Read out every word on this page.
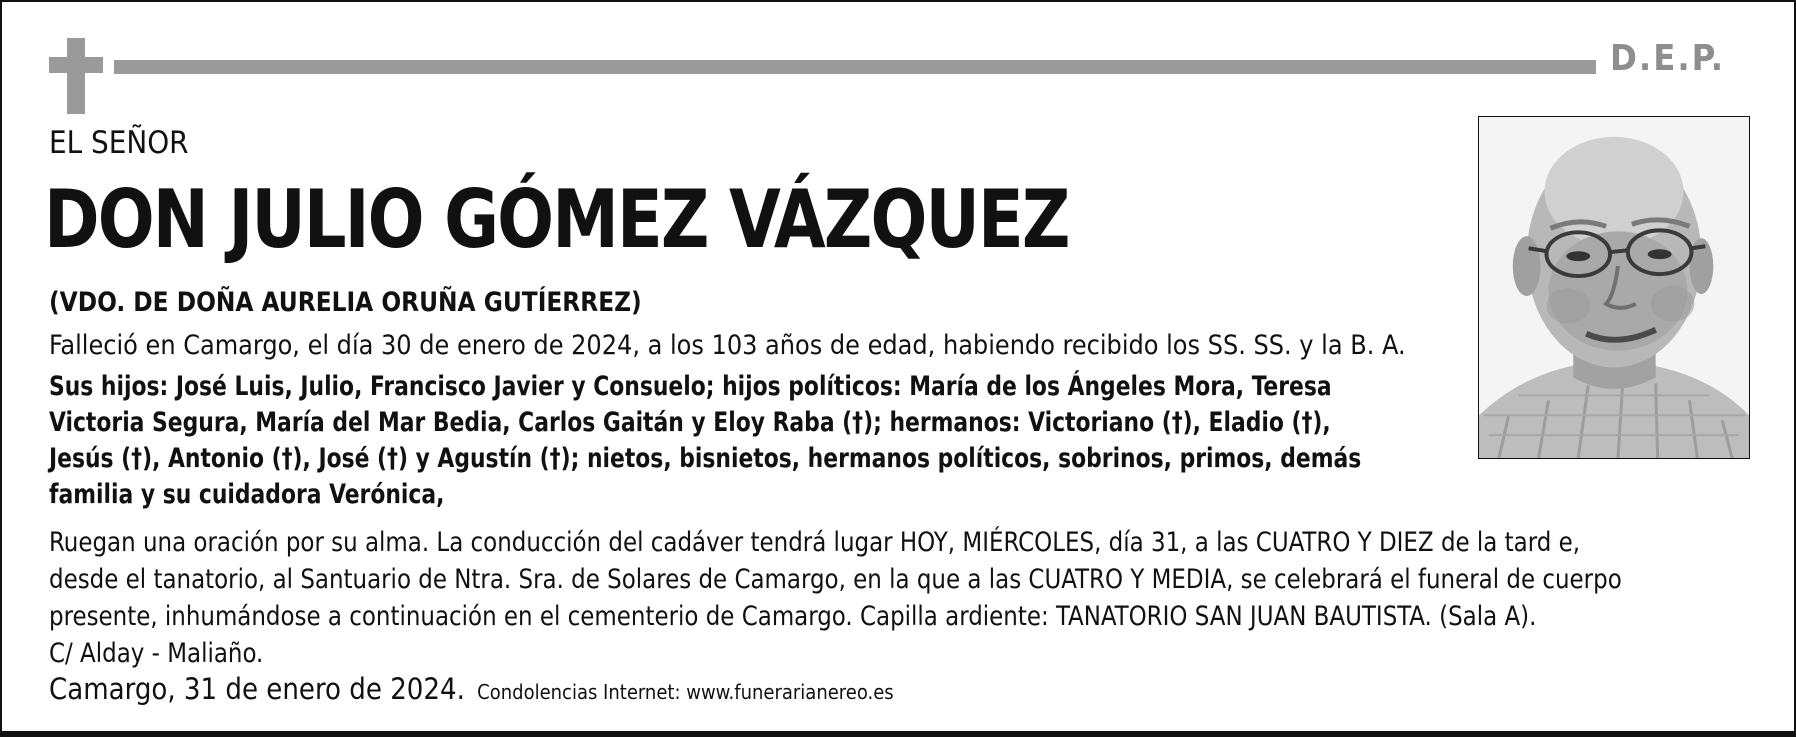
D.E.P.
EL SEÑOR
DON JULIO GÓMEZ VÁZQUEZ
(VDO. DE DOÑA AURELIA ORUÑA GUTÍERREZ)
Falleció en Camargo, el día 30 de enero de 2024, a los 103 años de edad, habiendo recibido los SS. SS. y la B. A.
Sus hijos: José Luis, Julio, Francisco Javier y Consuelo; hijos políticos: María de los Ángeles Mora, Teresa
Victoria Segura, María del Mar Bedia, Carlos Gaitán y Eloy Raba (†); hermanos: Victoriano (†), Eladio (†),
Jesús (†), Antonio (†), José (†) y Agustín (†); nietos, bisnietos, hermanos políticos, sobrinos, primos, demás
familia y su cuidadora Verónica,
Ruegan una oración por su alma. La conducción del cadáver tendrá lugar HOY, MIÉRCOLES, día 31, a las CUATRO Y DIEZ de la tard e,
desde el tanatorio, al Santuario de Ntra. Sra. de Solares de Camargo, en la que a las CUATRO Y MEDIA, se celebrará el funeral de cuerpo
presente, inhumándose a continuación en el cementerio de Camargo. Capilla ardiente: TANATORIO SAN JUAN BAUTISTA. (Sala A).
C/ Alday - Maliaño.
Camargo, 31 de enero de 2024. Condolencias Internet: www.funerarianereo.es
